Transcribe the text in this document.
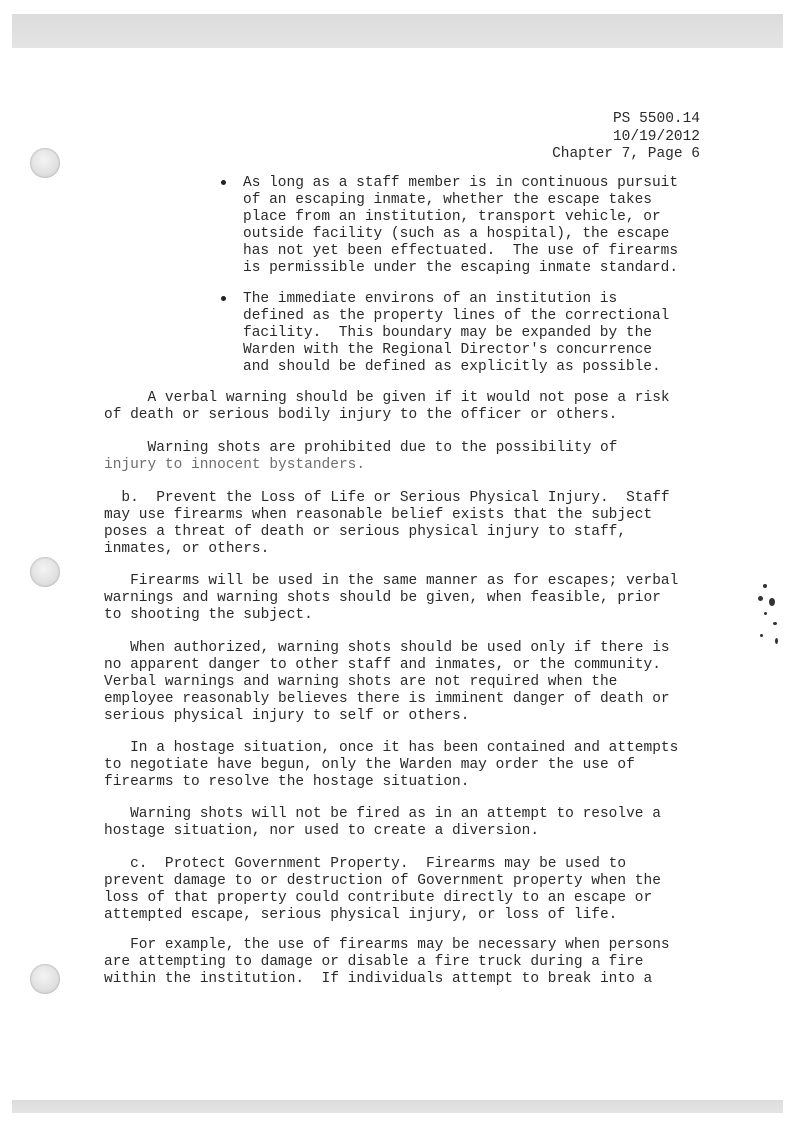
PS 5500.14
10/19/2012
Chapter 7, Page 6
As long as a staff member is in continuous pursuit
of an escaping inmate, whether the escape takes
place from an institution, transport vehicle, or
outside facility (such as a hospital), the escape
has not yet been effectuated.  The use of firearms
is permissible under the escaping inmate standard.
The immediate environs of an institution is
defined as the property lines of the correctional
facility.  This boundary may be expanded by the
Warden with the Regional Director's concurrence
and should be defined as explicitly as possible.
A verbal warning should be given if it would not pose a risk
of death or serious bodily injury to the officer or others.
Warning shots are prohibited due to the possibility of
injury to innocent bystanders.
b.  Prevent the Loss of Life or Serious Physical Injury.  Staff
may use firearms when reasonable belief exists that the subject
poses a threat of death or serious physical injury to staff,
inmates, or others.
Firearms will be used in the same manner as for escapes; verbal
warnings and warning shots should be given, when feasible, prior
to shooting the subject.
When authorized, warning shots should be used only if there is
no apparent danger to other staff and inmates, or the community.
Verbal warnings and warning shots are not required when the
employee reasonably believes there is imminent danger of death or
serious physical injury to self or others.
In a hostage situation, once it has been contained and attempts
to negotiate have begun, only the Warden may order the use of
firearms to resolve the hostage situation.
Warning shots will not be fired as in an attempt to resolve a
hostage situation, nor used to create a diversion.
c.  Protect Government Property.  Firearms may be used to
prevent damage to or destruction of Government property when the
loss of that property could contribute directly to an escape or
attempted escape, serious physical injury, or loss of life.
For example, the use of firearms may be necessary when persons
are attempting to damage or disable a fire truck during a fire
within the institution.  If individuals attempt to break into a
